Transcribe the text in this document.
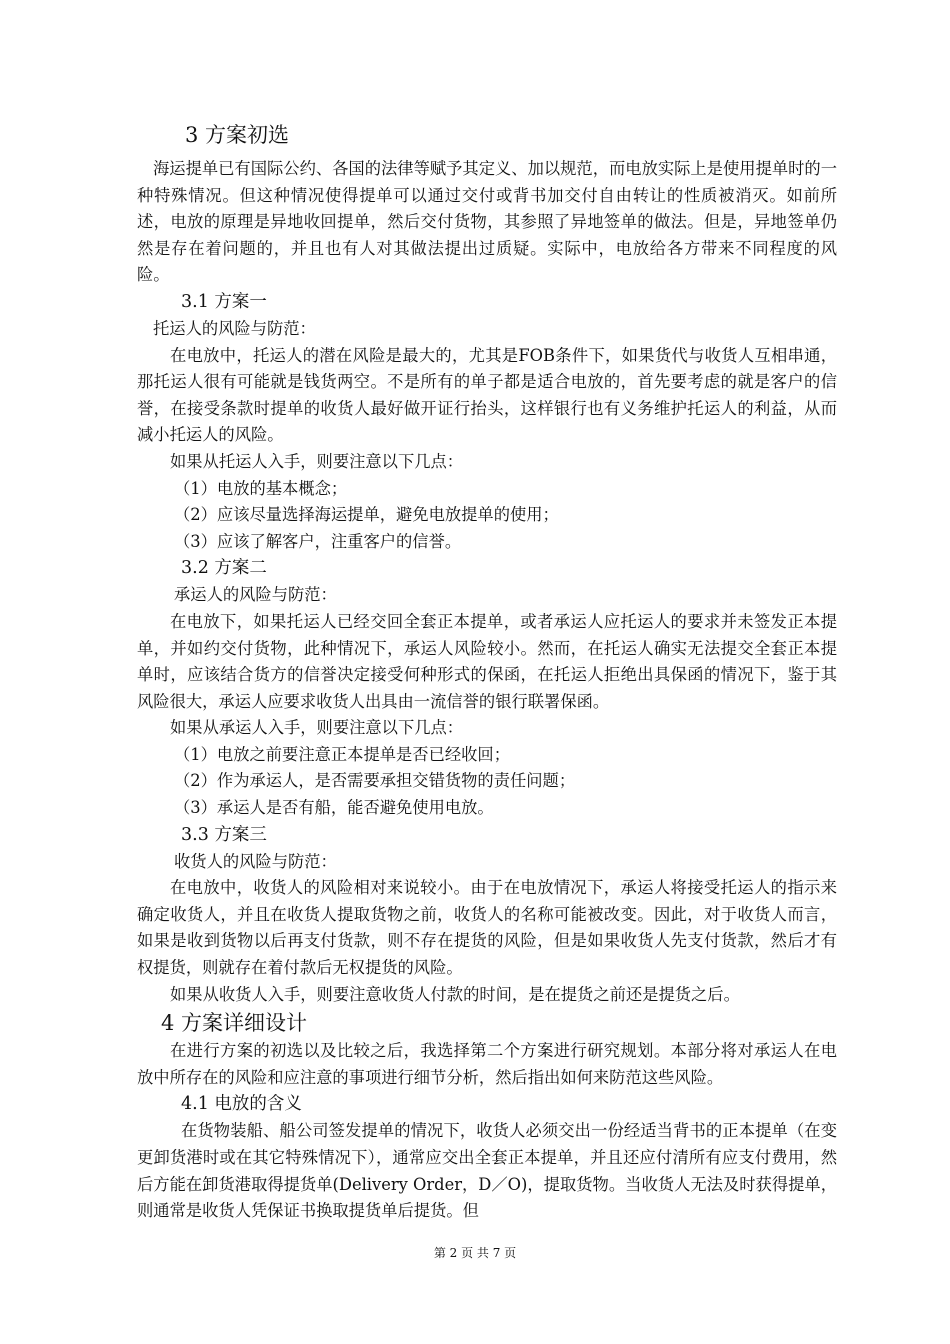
3 方案初选

海运提单已有国际公约、各国的法律等赋予其定义、加以规范，而电放实际上是使用提单时的一种特殊情况。但这种情况使得提单可以通过交付或背书加交付自由转让的性质被消灭。如前所述，电放的原理是异地收回提单，然后交付货物，其参照了异地签单的做法。但是，异地签单仍然是存在着问题的，并且也有人对其做法提出过质疑。实际中，电放给各方带来不同程度的风险。

3.1 方案一

托运人的风险与防范：

在电放中，托运人的潜在风险是最大的，尤其是FOB条件下，如果货代与收货人互相串通，那托运人很有可能就是钱货两空。不是所有的单子都是适合电放的，首先要考虑的就是客户的信誉，在接受条款时提单的收货人最好做开证行抬头，这样银行也有义务维护托运人的利益，从而减小托运人的风险。

如果从托运人入手，则要注意以下几点：

（1）电放的基本概念；

（2）应该尽量选择海运提单，避免电放提单的使用；

（3）应该了解客户，注重客户的信誉。

3.2 方案二

承运人的风险与防范：

在电放下，如果托运人已经交回全套正本提单，或者承运人应托运人的要求并未签发正本提单，并如约交付货物，此种情况下，承运人风险较小。然而，在托运人确实无法提交全套正本提单时，应该结合货方的信誉决定接受何种形式的保函，在托运人拒绝出具保函的情况下，鉴于其风险很大，承运人应要求收货人出具由一流信誉的银行联署保函。

如果从承运人入手，则要注意以下几点：

（1）电放之前要注意正本提单是否已经收回；

（2）作为承运人，是否需要承担交错货物的责任问题；

（3）承运人是否有船，能否避免使用电放。

3.3 方案三

收货人的风险与防范：

在电放中，收货人的风险相对来说较小。由于在电放情况下，承运人将接受托运人的指示来确定收货人，并且在收货人提取货物之前，收货人的名称可能被改变。因此，对于收货人而言，如果是收到货物以后再支付货款，则不存在提货的风险，但是如果收货人先支付货款，然后才有权提货，则就存在着付款后无权提货的风险。

如果从收货人入手，则要注意收货人付款的时间，是在提货之前还是提货之后。

4 方案详细设计

在进行方案的初选以及比较之后，我选择第二个方案进行研究规划。本部分将对承运人在电放中所存在的风险和应注意的事项进行细节分析，然后指出如何来防范这些风险。

4.1 电放的含义

在货物装船、船公司签发提单的情况下，收货人必须交出一份经适当背书的正本提单（在变更卸货港时或在其它特殊情况下），通常应交出全套正本提单，并且还应付清所有应支付费用，然后方能在卸货港取得提货单(Delivery Order，D／O)，提取货物。当收货人无法及时获得提单，则通常是收货人凭保证书换取提货单后提货。但

第 2 页 共 7 页
